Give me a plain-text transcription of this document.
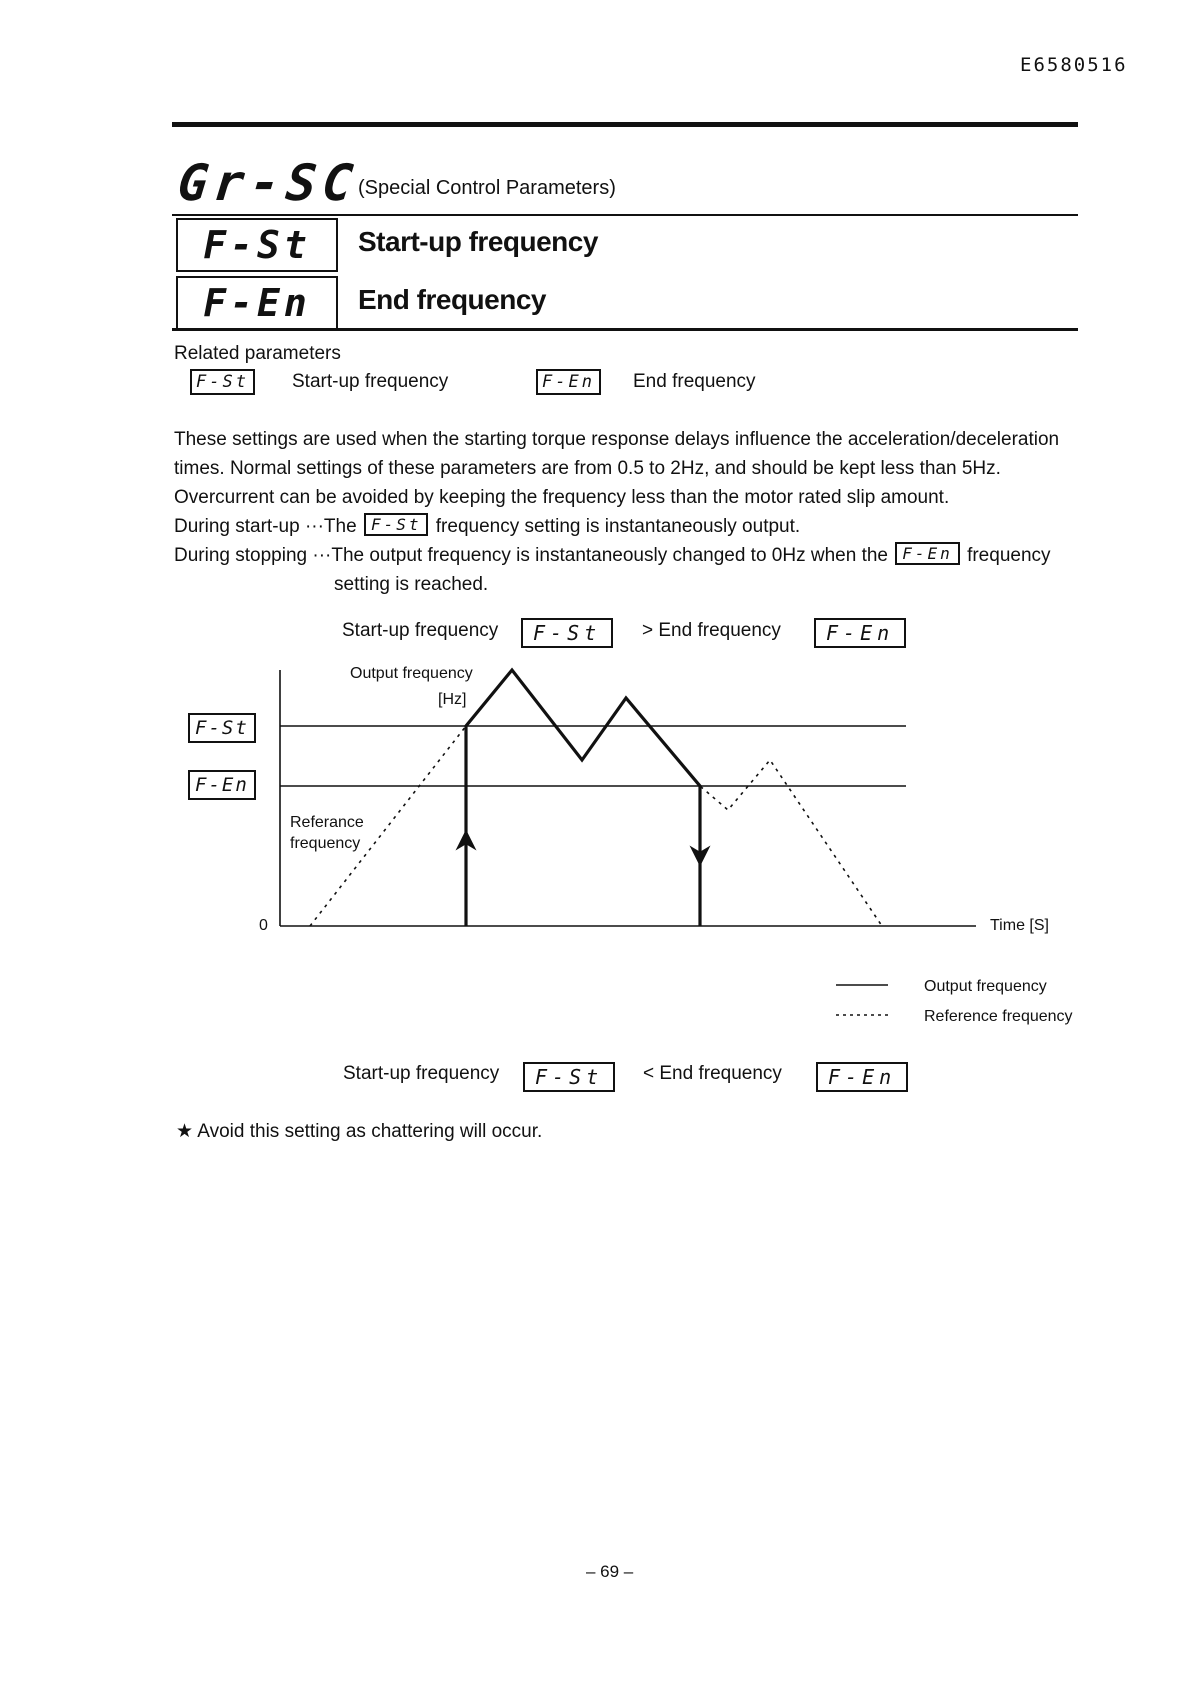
E6580516
Gr-SC
(Special Control Parameters)
F-St	Start-up frequency
F-En	End frequency
Related parameters
F-St	Start-up frequency	F-En	End frequency
These settings are used when the starting torque response delays influence the acceleration/deceleration
times. Normal settings of these parameters are from 0.5 to 2Hz, and should be kept less than 5Hz.
Overcurrent can be avoided by keeping the frequency less than the motor rated slip amount.
During start-up ···The F-St frequency setting is instantaneously output.
During stopping ···The output frequency is instantaneously changed to 0Hz when the F-En frequency
setting is reached.
Start-up frequency	F-St	> End frequency	F-En
Output frequency
[Hz]
F-St
F-En
0	Time [S]
Referance
frequency
Output frequency
Reference frequency
Start-up frequency	F-St	< End frequency	F-En
★ Avoid this setting as chattering will occur.
– 69 –
